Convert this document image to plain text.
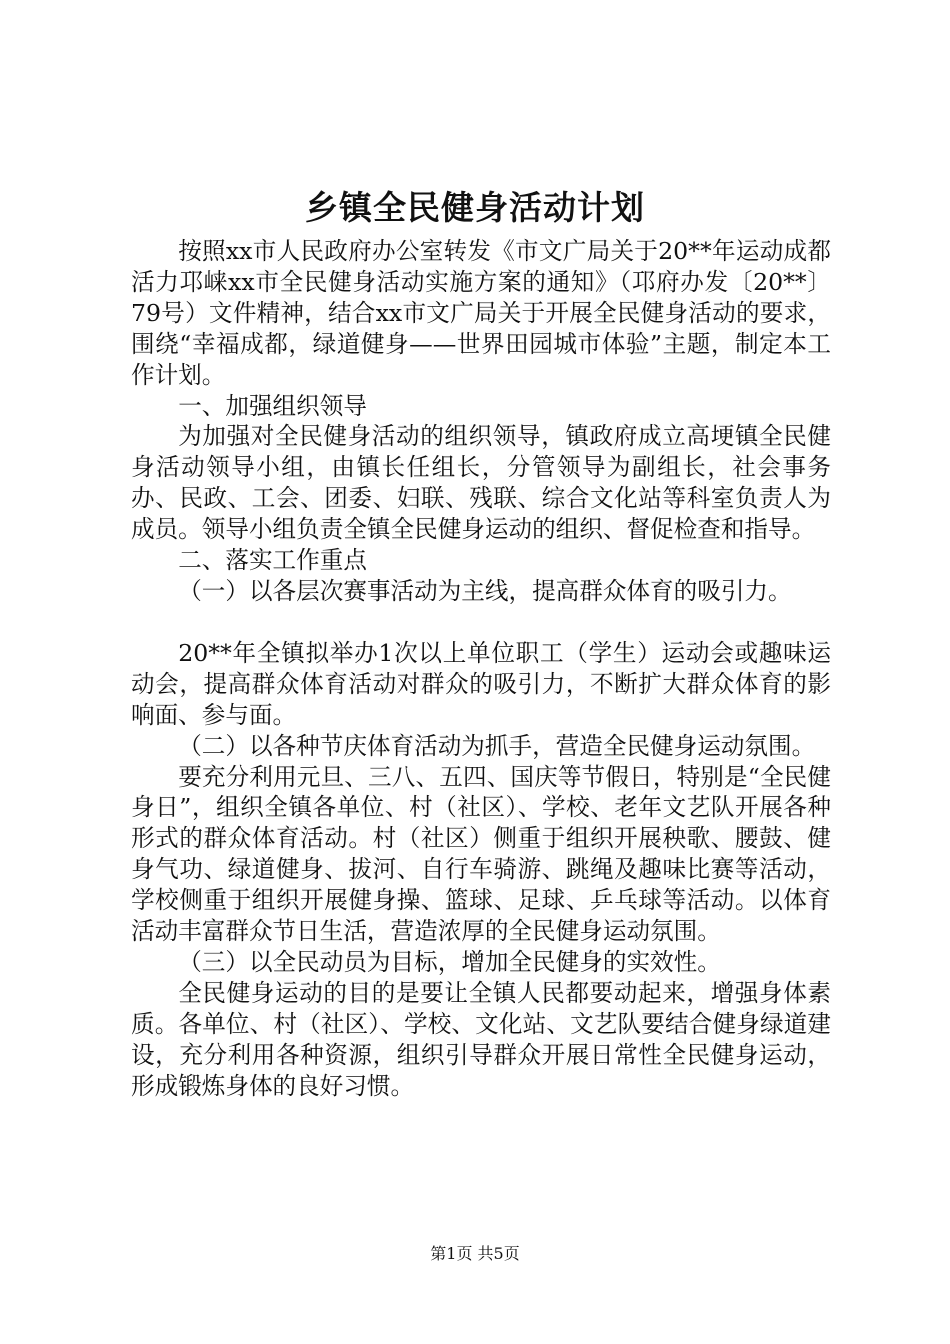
乡镇全民健身活动计划

按照xx市人民政府办公室转发《市文广局关于20**年运动成都活力邛崃xx市全民健身活动实施方案的通知》（邛府办发〔20**〕79号）文件精神，结合xx市文广局关于开展全民健身活动的要求，围绕“幸福成都，绿道健身——世界田园城市体验”主题，制定本工作计划。

一、加强组织领导

为加强对全民健身活动的组织领导，镇政府成立高埂镇全民健身活动领导小组，由镇长任组长，分管领导为副组长，社会事务办、民政、工会、团委、妇联、残联、综合文化站等科室负责人为成员。领导小组负责全镇全民健身运动的组织、督促检查和指导。

二、落实工作重点

（一）以各层次赛事活动为主线，提高群众体育的吸引力。

20**年全镇拟举办1次以上单位职工（学生）运动会或趣味运动会，提高群众体育活动对群众的吸引力，不断扩大群众体育的影响面、参与面。

（二）以各种节庆体育活动为抓手，营造全民健身运动氛围。

要充分利用元旦、三八、五四、国庆等节假日，特别是“全民健身日”，组织全镇各单位、村（社区）、学校、老年文艺队开展各种形式的群众体育活动。村（社区）侧重于组织开展秧歌、腰鼓、健身气功、绿道健身、拔河、自行车骑游、跳绳及趣味比赛等活动，学校侧重于组织开展健身操、篮球、足球、乒乓球等活动。以体育活动丰富群众节日生活，营造浓厚的全民健身运动氛围。

（三）以全民动员为目标，增加全民健身的实效性。

全民健身运动的目的是要让全镇人民都要动起来，增强身体素质。各单位、村（社区）、学校、文化站、文艺队要结合健身绿道建设，充分利用各种资源，组织引导群众开展日常性全民健身运动，形成锻炼身体的良好习惯。

第1页 共5页
